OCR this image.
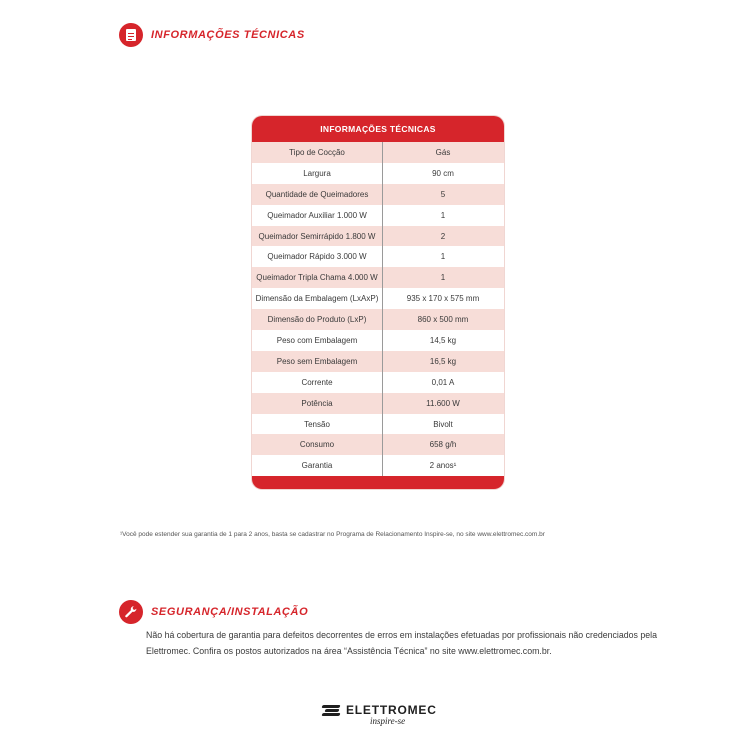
INFORMAÇÕES TÉCNICAS
INFORMAÇÕES TÉCNICAS
Tipo de Cocção	Gás
Largura	90 cm
Quantidade de Queimadores	5
Queimador Auxiliar 1.000 W	1
Queimador Semirrápido 1.800 W	2
Queimador Rápido 3.000 W	1
Queimador Tripla Chama 4.000 W	1
Dimensão da Embalagem (LxAxP)	935 x 170 x 575 mm
Dimensão do Produto (LxP)	860 x 500 mm
Peso com Embalagem	14,5 kg
Peso sem Embalagem	16,5 kg
Corrente	0,01 A
Potência	11.600 W
Tensão	Bivolt
Consumo	658 g/h
Garantia	2 anos¹
¹Você pode estender sua garantia de 1 para 2 anos, basta se cadastrar no Programa de Relacionamento Inspire-se, no site www.elettromec.com.br
SEGURANÇA/INSTALAÇÃO
Não há cobertura de garantia para defeitos decorrentes de erros em instalações efetuadas por profissionais não credenciados pela Elettromec. Confira os postos autorizados na área “Assistência Técnica” no site www.elettromec.com.br.
ELETTROMEC
inspire-se
